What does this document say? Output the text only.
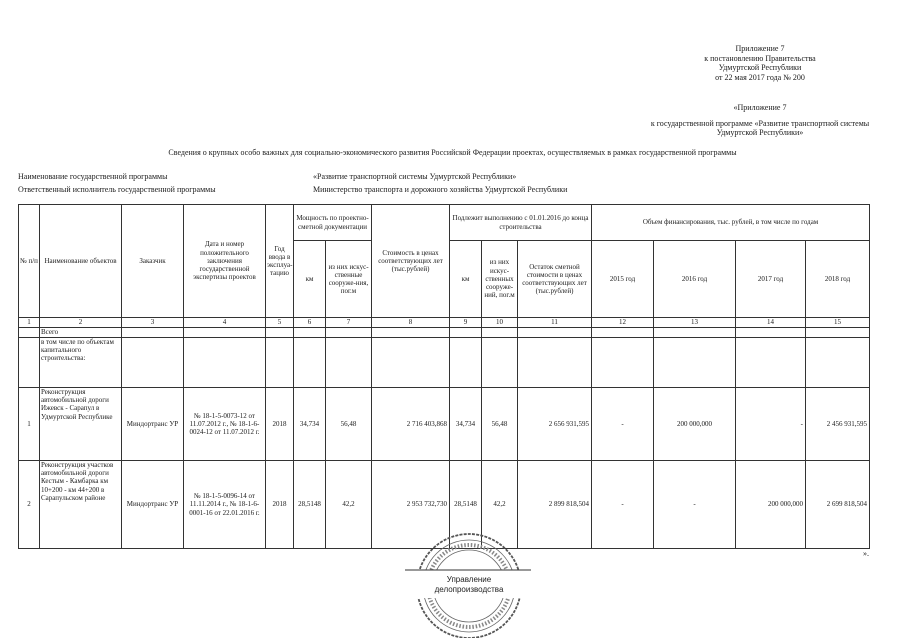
Приложение 7
к постановлению Правительства
Удмуртской Республики
от 22 мая 2017 года № 200
«Приложение 7
к государственной программе «Развитие транспортной системы
Удмуртской Республики»
Сведения о крупных особо важных для социально-экономического развития Российской Федерации проектах, осуществляемых в рамках государственной программы
Наименование государственной программы	«Развитие транспортной системы Удмуртской Республики»
Ответственный исполнитель государственной программы	Министерство транспорта и дорожного хозяйства Удмуртской Республики
№ п/п	Наименование объектов	Заказчик	Дата и номер положительного заключения государственной экспертизы проектов	Год ввода в эксплуа-тацию	Мощность по проектно-сметной документации		Стоимость в ценах соответствующих лет (тыс.рублей)	Подлежит выполнению с 01.01.2016 до конца строительства			Объем финансирования, тыс. рублей, в том числе по годам			
					км	из них искус-ственные сооруже-ния, пог.м		км	из них искус-ственных сооруже-ний, пог.м	Остаток сметной стоимости в ценах соответствующих лет (тыс.рублей)	2015 год	2016 год	2017 год	2018 год
1	2	3	4	5	6	7	8	9	10	11	12	13	14	15
	Всего													
	в том числе по объектам капитального строительства:													
1	Реконструкция автомобильной дороги Ижевск - Сарапул в Удмуртской Республике	Миндортранс УР	№ 18-1-5-0073-12 от 11.07.2012 г., № 18-1-6-0024-12 от 11.07.2012 г.	2018	34,734	56,48	2 716 403,868	34,734	56,48	2 656 931,595	-	200 000,000	-	2 456 931,595
2	Реконструкция участков автомобильной дороги Кестым - Камбарка км 10+200 - км 44+200 в Сарапульском районе	Миндортранс УР	№ 18-1-5-0096-14 от 11.11.2014 г., № 18-1-6-0001-16 от 22.01.2016 г.	2018	28,5148	42,2	2 953 732,730	28,5148	42,2	2 899 818,504	-	-	200 000,000	2 699 818,504
».
Управление
делопроизводства
